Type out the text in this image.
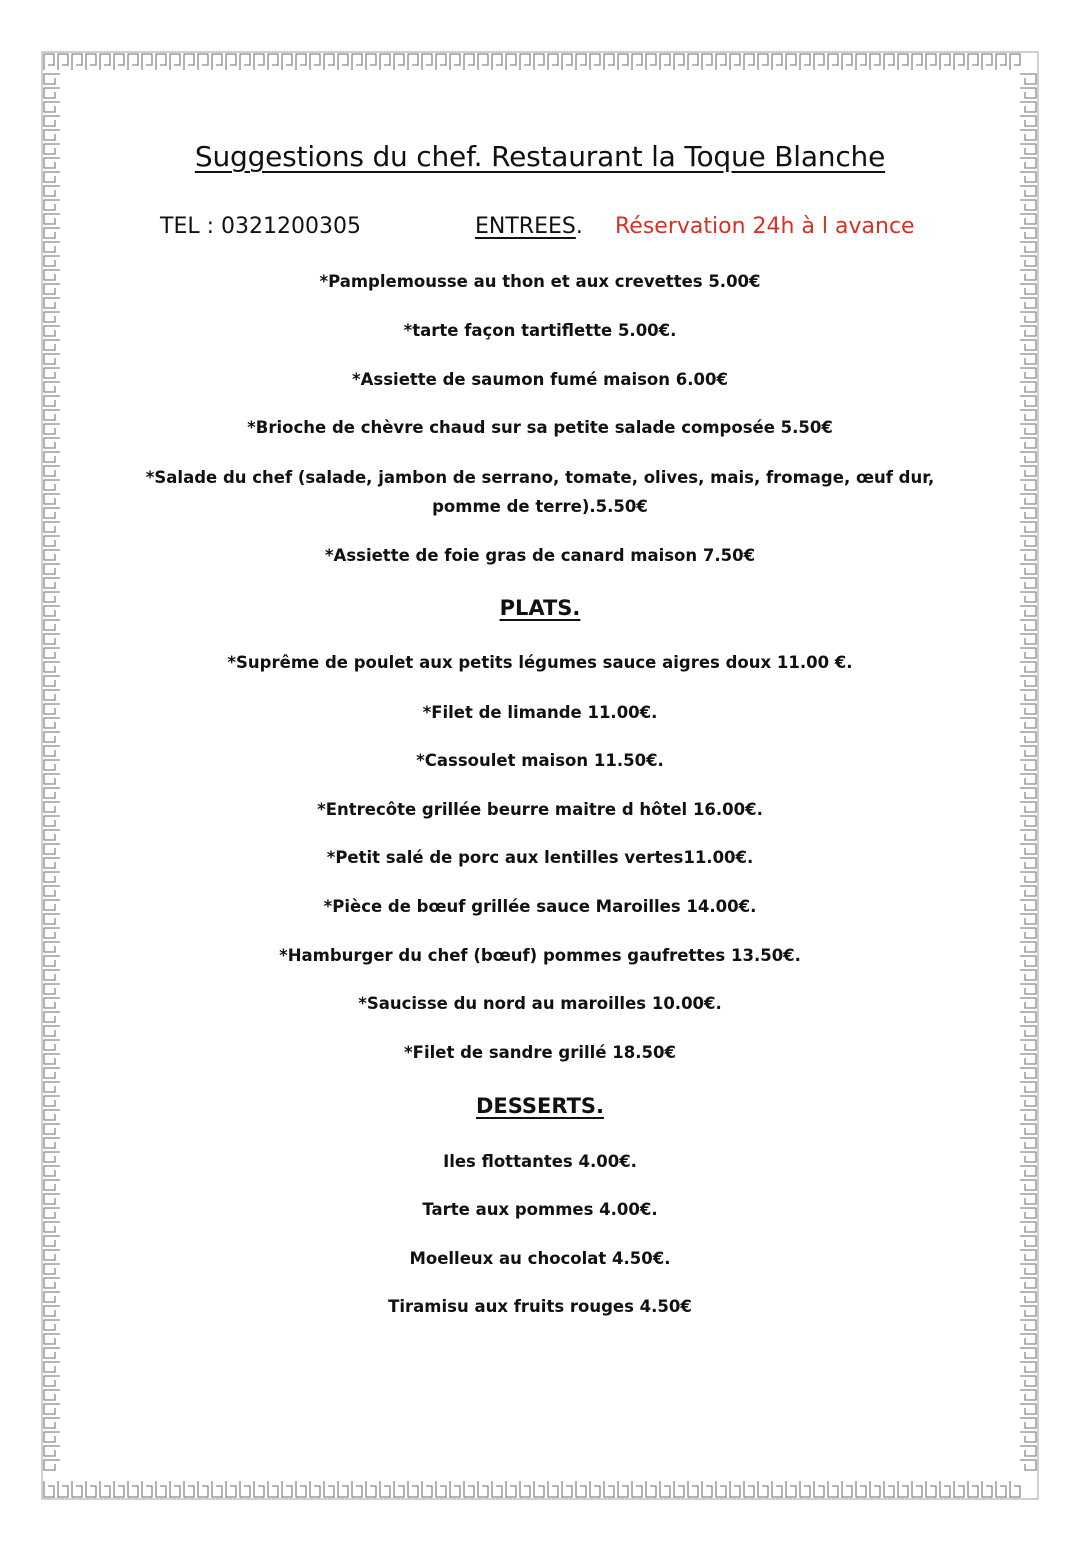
Suggestions du chef. Restaurant la Toque Blanche
TEL : 0321200305	ENTREES. Réservation 24h à l avance
*Pamplemousse au thon et aux crevettes 5.00€
*tarte façon tartiflette 5.00€.
*Assiette de saumon fumé maison 6.00€
*Brioche de chèvre chaud sur sa petite salade composée 5.50€
*Salade du chef (salade, jambon de serrano, tomate, olives, mais, fromage, œuf dur,
pomme de terre).5.50€
*Assiette de foie gras de canard maison 7.50€
PLATS.
*Suprême de poulet aux petits légumes sauce aigres doux 11.00 €.
*Filet de limande 11.00€.
*Cassoulet maison 11.50€.
*Entrecôte grillée beurre maitre d hôtel 16.00€.
*Petit salé de porc aux lentilles vertes11.00€.
*Pièce de bœuf grillée sauce Maroilles 14.00€.
*Hamburger du chef (bœuf) pommes gaufrettes 13.50€.
*Saucisse du nord au maroilles 10.00€.
*Filet de sandre grillé 18.50€
DESSERTS.
Iles flottantes 4.00€.
Tarte aux pommes 4.00€.
Moelleux au chocolat 4.50€.
Tiramisu aux fruits rouges 4.50€
